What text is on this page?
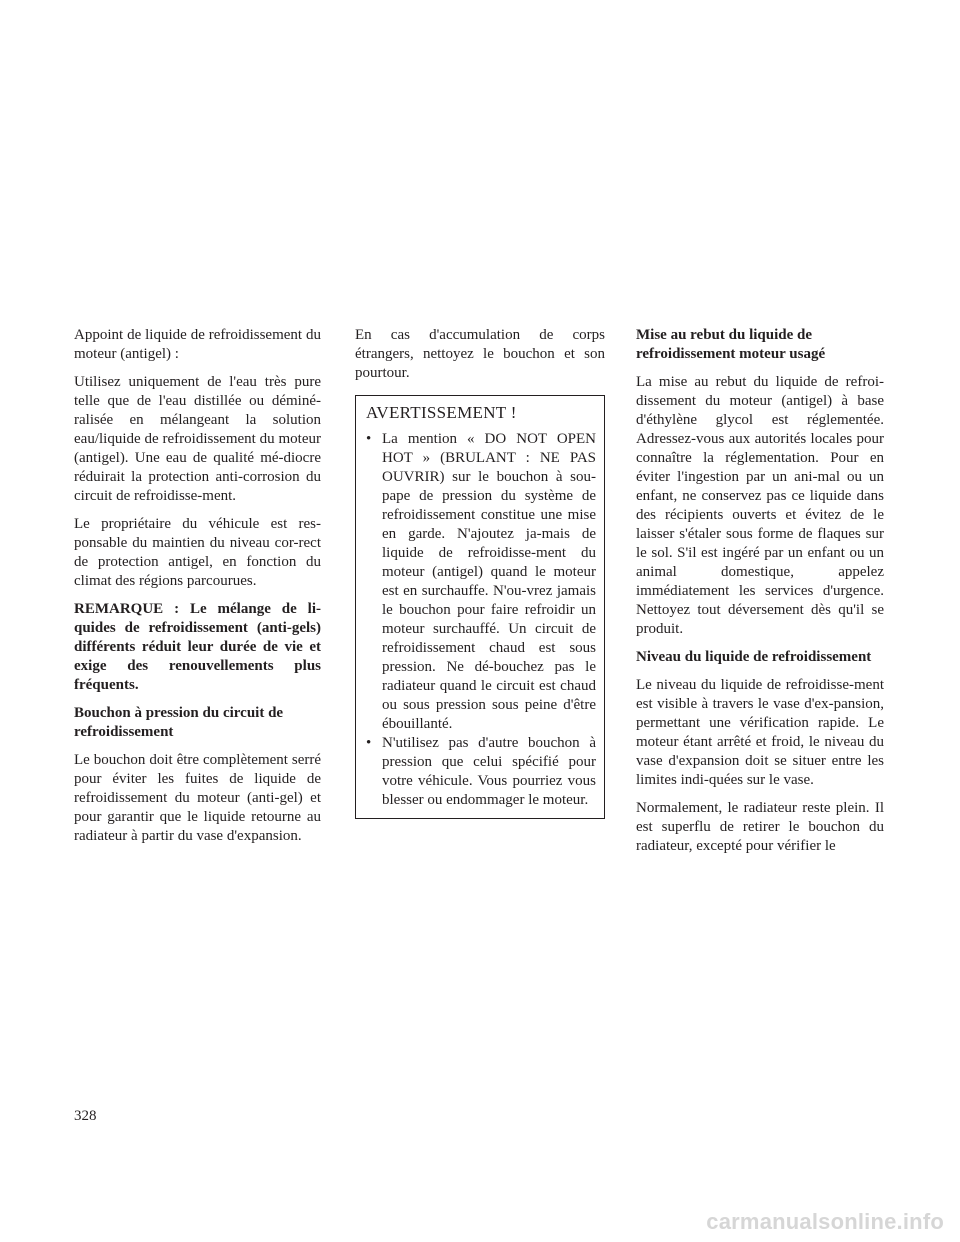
Appoint de liquide de refroidissement du moteur (antigel) :

Utilisez uniquement de l'eau très pure telle que de l'eau distillée ou déminé-ralisée en mélangeant la solution eau/liquide de refroidissement du moteur (antigel). Une eau de qualité mé-diocre réduirait la protection anti-corrosion du circuit de refroidisse-ment.

Le propriétaire du véhicule est res-ponsable du maintien du niveau cor-rect de protection antigel, en fonction du climat des régions parcourues.

REMARQUE : Le mélange de li-quides de refroidissement (anti-gels) différents réduit leur durée de vie et exige des renouvellements plus fréquents.

Bouchon à pression du circuit de refroidissement

Le bouchon doit être complètement serré pour éviter les fuites de liquide de refroidissement du moteur (anti-gel) et pour garantir que le liquide retourne au radiateur à partir du vase d'expansion.

En cas d'accumulation de corps étrangers, nettoyez le bouchon et son pourtour.

AVERTISSEMENT !
• La mention « DO NOT OPEN HOT » (BRULANT : NE PAS OUVRIR) sur le bouchon à sou-pape de pression du système de refroidissement constitue une mise en garde. N'ajoutez ja-mais de liquide de refroidisse-ment du moteur (antigel) quand le moteur est en surchauffe. N'ou-vrez jamais le bouchon pour faire refroidir un moteur surchauffé. Un circuit de refroidissement chaud est sous pression. Ne dé-bouchez pas le radiateur quand le circuit est chaud ou sous pression sous peine d'être ébouillanté.
• N'utilisez pas d'autre bouchon à pression que celui spécifié pour votre véhicule. Vous pourriez vous blesser ou endommager le moteur.

Mise au rebut du liquide de refroidissement moteur usagé

La mise au rebut du liquide de refroi-dissement du moteur (antigel) à base d'éthylène glycol est réglementée. Adressez-vous aux autorités locales pour connaître la réglementation. Pour en éviter l'ingestion par un ani-mal ou un enfant, ne conservez pas ce liquide dans des récipients ouverts et évitez de le laisser s'étaler sous forme de flaques sur le sol. S'il est ingéré par un enfant ou un animal domestique, appelez immédiatement les services d'urgence. Nettoyez tout déversement dès qu'il se produit.

Niveau du liquide de refroidissement

Le niveau du liquide de refroidisse-ment est visible à travers le vase d'ex-pansion, permettant une vérification rapide. Le moteur étant arrêté et froid, le niveau du vase d'expansion doit se situer entre les limites indi-quées sur le vase.

Normalement, le radiateur reste plein. Il est superflu de retirer le bouchon du radiateur, excepté pour vérifier le

328
carmanualsonline.info
